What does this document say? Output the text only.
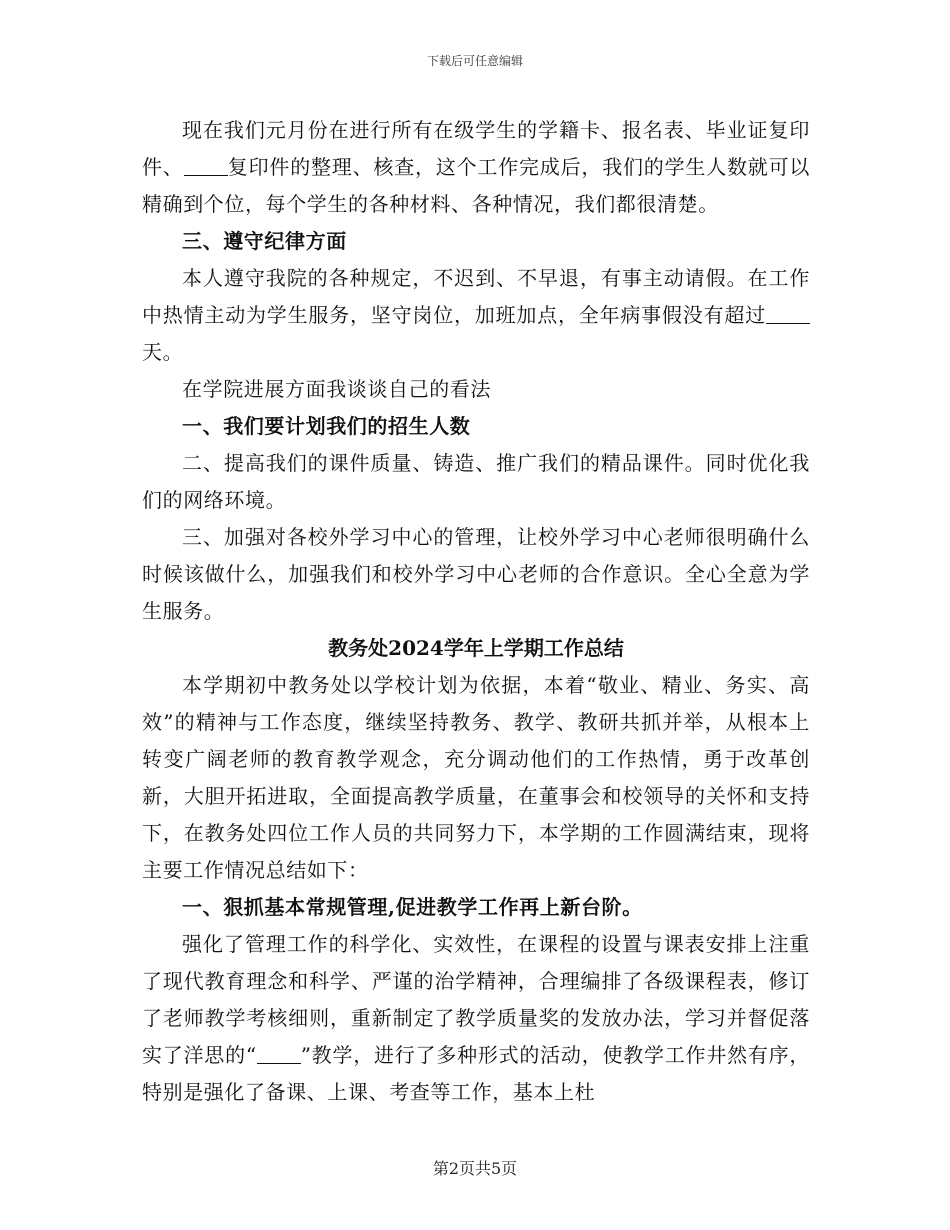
下载后可任意编辑

现在我们元月份在进行所有在级学生的学籍卡、报名表、毕业证复印件、 复印件的整理、核查，这个工作完成后，我们的学生人数就可以精确到个位，每个学生的各种材料、各种情况，我们都很清楚。

三、遵守纪律方面

本人遵守我院的各种规定，不迟到、不早退，有事主动请假。在工作中热情主动为学生服务，坚守岗位，加班加点，全年病事假没有超过天。

在学院进展方面我谈谈自己的看法

一、我们要计划我们的招生人数

二、提高我们的课件质量、铸造、推广我们的精品课件。同时优化我们的网络环境。

三、加强对各校外学习中心的管理，让校外学习中心老师很明确什么时候该做什么，加强我们和校外学习中心老师的合作意识。全心全意为学生服务。

教务处2024学年上学期工作总结

本学期初中教务处以学校计划为依据，本着“敬业、精业、务实、高效”的精神与工作态度，继续坚持教务、教学、教研共抓并举，从根本上转变广阔老师的教育教学观念，充分调动他们的工作热情，勇于改革创新，大胆开拓进取，全面提高教学质量，在董事会和校领导的关怀和支持下，在教务处四位工作人员的共同努力下，本学期的工作圆满结束，现将主要工作情况总结如下：

一、狠抓基本常规管理,促进教学工作再上新台阶。

强化了管理工作的科学化、实效性，在课程的设置与课表安排上注重了现代教育理念和科学、严谨的治学精神，合理编排了各级课程表，修订了老师教学考核细则，重新制定了教学质量奖的发放办法，学习并督促落实了洋思的“ ”教学，进行了多种形式的活动，使教学工作井然有序，特别是强化了备课、上课、考查等工作，基本上杜

第2页共5页
